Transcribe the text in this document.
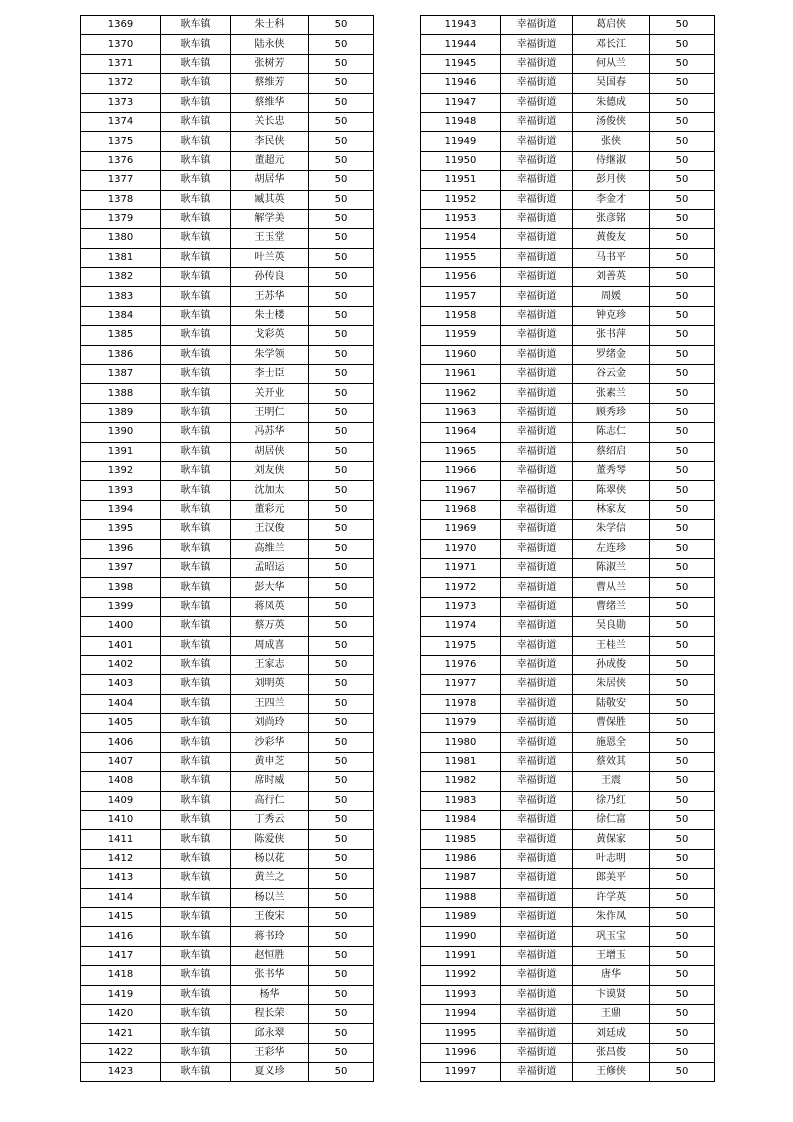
1369	耿车镇	朱士科	50
1370	耿车镇	陆永侠	50
1371	耿车镇	张树芳	50
1372	耿车镇	蔡维芳	50
1373	耿车镇	蔡维华	50
1374	耿车镇	关长忠	50
1375	耿车镇	李民侠	50
1376	耿车镇	董超元	50
1377	耿车镇	胡居华	50
1378	耿车镇	臧其英	50
1379	耿车镇	解学美	50
1380	耿车镇	王玉堂	50
1381	耿车镇	叶兰英	50
1382	耿车镇	孙传良	50
1383	耿车镇	王苏华	50
1384	耿车镇	朱士楼	50
1385	耿车镇	戈彩英	50
1386	耿车镇	朱学领	50
1387	耿车镇	李士臣	50
1388	耿车镇	关开业	50
1389	耿车镇	王明仁	50
1390	耿车镇	冯苏华	50
1391	耿车镇	胡居侠	50
1392	耿车镇	刘友侠	50
1393	耿车镇	沈加太	50
1394	耿车镇	董彩元	50
1395	耿车镇	王汉俊	50
1396	耿车镇	高维兰	50
1397	耿车镇	孟昭运	50
1398	耿车镇	彭大华	50
1399	耿车镇	蒋凤英	50
1400	耿车镇	蔡万英	50
1401	耿车镇	周成喜	50
1402	耿车镇	王家志	50
1403	耿车镇	刘明英	50
1404	耿车镇	王四兰	50
1405	耿车镇	刘尚玲	50
1406	耿车镇	沙彩华	50
1407	耿车镇	黄申芝	50
1408	耿车镇	席时威	50
1409	耿车镇	高行仁	50
1410	耿车镇	丁秀云	50
1411	耿车镇	陈爱侠	50
1412	耿车镇	杨以花	50
1413	耿车镇	黄兰之	50
1414	耿车镇	杨以兰	50
1415	耿车镇	王俊宋	50
1416	耿车镇	蒋书玲	50
1417	耿车镇	赵恒胜	50
1418	耿车镇	张书华	50
1419	耿车镇	杨华	50
1420	耿车镇	程长荣	50
1421	耿车镇	邱永翠	50
1422	耿车镇	王彩华	50
1423	耿车镇	夏义珍	50
11943	幸福街道	葛启侠	50
11944	幸福街道	邓长江	50
11945	幸福街道	何从兰	50
11946	幸福街道	吴国春	50
11947	幸福街道	朱德成	50
11948	幸福街道	汤俊侠	50
11949	幸福街道	张侠	50
11950	幸福街道	侍继淑	50
11951	幸福街道	彭月侠	50
11952	幸福街道	李金才	50
11953	幸福街道	张彦铭	50
11954	幸福街道	黄俊友	50
11955	幸福街道	马书平	50
11956	幸福街道	刘善英	50
11957	幸福街道	周媛	50
11958	幸福街道	钟克珍	50
11959	幸福街道	张书萍	50
11960	幸福街道	罗绪金	50
11961	幸福街道	谷云金	50
11962	幸福街道	张素兰	50
11963	幸福街道	顾秀珍	50
11964	幸福街道	陈志仁	50
11965	幸福街道	蔡绍启	50
11966	幸福街道	董秀琴	50
11967	幸福街道	陈翠侠	50
11968	幸福街道	林家友	50
11969	幸福街道	朱学信	50
11970	幸福街道	左连珍	50
11971	幸福街道	陈淑兰	50
11972	幸福街道	曹从兰	50
11973	幸福街道	曹绪兰	50
11974	幸福街道	吴良勋	50
11975	幸福街道	王桂兰	50
11976	幸福街道	孙成俊	50
11977	幸福街道	朱居侠	50
11978	幸福街道	陆敬安	50
11979	幸福街道	曹保胜	50
11980	幸福街道	施恩全	50
11981	幸福街道	蔡效其	50
11982	幸福街道	王震	50
11983	幸福街道	徐乃红	50
11984	幸福街道	徐仁富	50
11985	幸福街道	黄保家	50
11986	幸福街道	叶志明	50
11987	幸福街道	郎美平	50
11988	幸福街道	许学英	50
11989	幸福街道	朱作凤	50
11990	幸福街道	巩玉宝	50
11991	幸福街道	王增玉	50
11992	幸福街道	唐华	50
11993	幸福街道	卞谟贤	50
11994	幸福街道	王鼎	50
11995	幸福街道	刘廷成	50
11996	幸福街道	张昌俊	50
11997	幸福街道	王修侠	50
